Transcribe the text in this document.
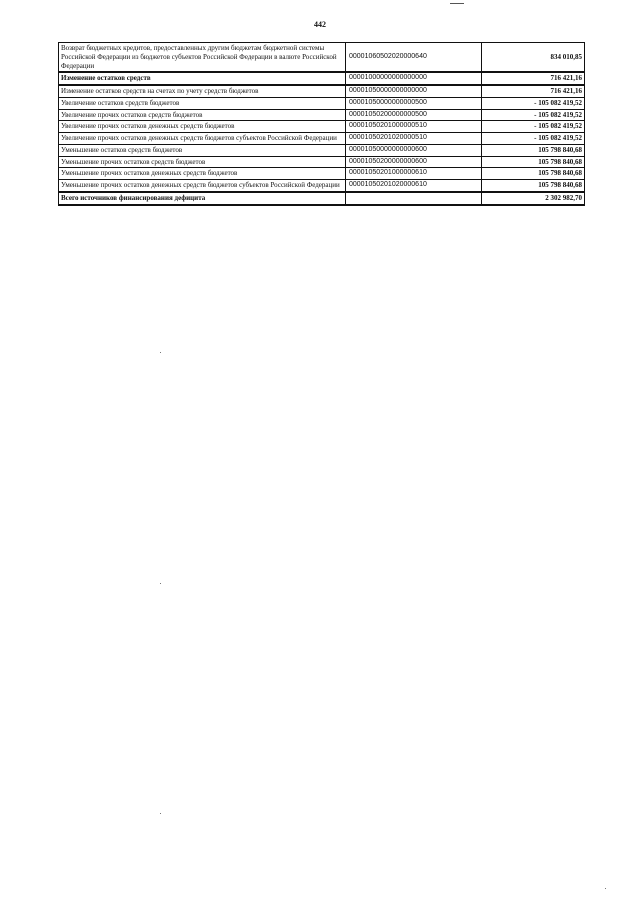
442
Возврат бюджетных кредитов, предоставленных другим бюджетам бюджетной системы Российской Федерации из бюджетов субъектов Российской Федерации в валюте Российской Федерации	00001060502020000640	834 010,85
Изменение остатков средств	00001000000000000000	716 421,16
Изменение остатков средств на счетах по учету средств бюджетов	00001050000000000000	716 421,16
Увеличение остатков средств бюджетов	00001050000000000500	- 105 082 419,52
Увеличение прочих остатков средств бюджетов	00001050200000000500	- 105 082 419,52
Увеличение прочих остатков денежных средств бюджетов	00001050201000000510	- 105 082 419,52
Увеличение прочих остатков денежных средств бюджетов субъектов Российской Федерации	00001050201020000510	- 105 082 419,52
Уменьшение остатков средств бюджетов	00001050000000000600	105 798 840,68
Уменьшение прочих остатков средств бюджетов	00001050200000000600	105 798 840,68
Уменьшение прочих остатков денежных средств бюджетов	00001050201000000610	105 798 840,68
Уменьшение прочих остатков денежных средств бюджетов субъектов Российской Федерации	00001050201020000610	105 798 840,68
Всего источников финансирования дефицита		2 302 982,70
